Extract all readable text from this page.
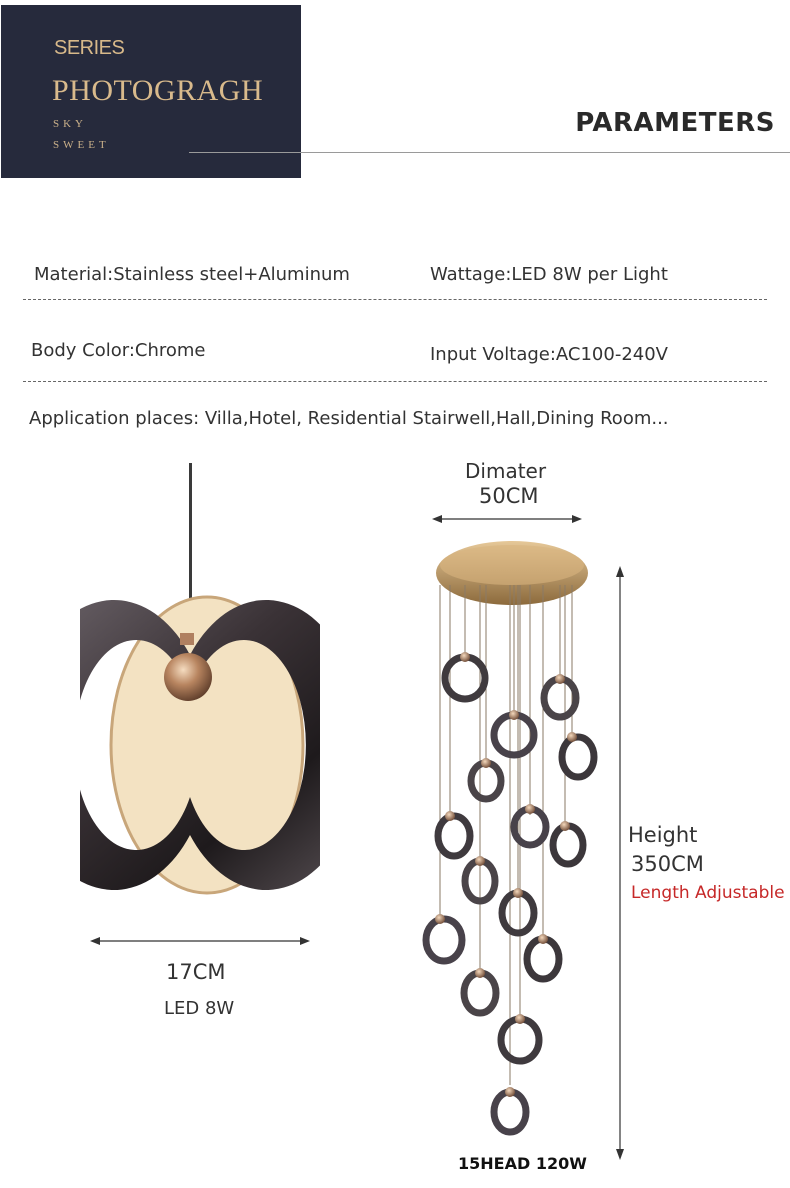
SERIES
PHOTOGRAGH
SKY
SWEET
PARAMETERS
Material:Stainless steel+Aluminum	Wattage:LED 8W per Light
Body Color:Chrome	Input Voltage:AC100-240V
Application places: Villa,Hotel, Residential Stairwell,Hall,Dining Room...
17CM
LED 8W
Dimater
50CM
Height
350CM
Length Adjustable
15HEAD 120W
